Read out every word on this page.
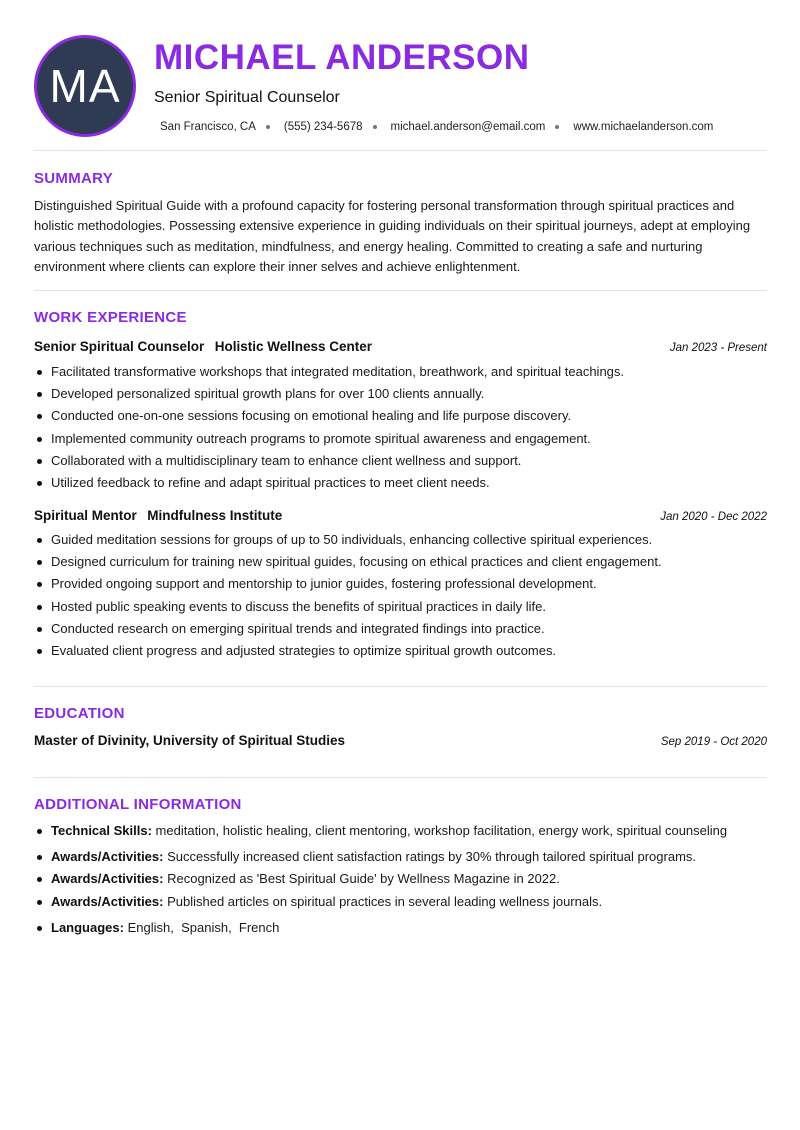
MA
MICHAEL ANDERSON
Senior Spiritual Counselor
San Francisco, CA (555) 234-5678 michael.anderson@email.com www.michaelanderson.com
SUMMARY

Distinguished Spiritual Guide with a profound capacity for fostering personal transformation through spiritual practices and holistic methodologies. Possessing extensive experience in guiding individuals on their spiritual journeys, adept at employing various techniques such as meditation, mindfulness, and energy healing. Committed to creating a safe and nurturing environment where clients can explore their inner selves and achieve enlightenment.

WORK EXPERIENCE
Senior Spiritual Counselor Holistic Wellness Center	Jan 2023 - Present
Facilitated transformative workshops that integrated meditation, breathwork, and spiritual teachings.
Developed personalized spiritual growth plans for over 100 clients annually.
Conducted one-on-one sessions focusing on emotional healing and life purpose discovery.
Implemented community outreach programs to promote spiritual awareness and engagement.
Collaborated with a multidisciplinary team to enhance client wellness and support.
Utilized feedback to refine and adapt spiritual practices to meet client needs.
Spiritual Mentor Mindfulness Institute	Jan 2020 - Dec 2022
Guided meditation sessions for groups of up to 50 individuals, enhancing collective spiritual experiences.
Designed curriculum for training new spiritual guides, focusing on ethical practices and client engagement.
Provided ongoing support and mentorship to junior guides, fostering professional development.
Hosted public speaking events to discuss the benefits of spiritual practices in daily life.
Conducted research on emerging spiritual trends and integrated findings into practice.
Evaluated client progress and adjusted strategies to optimize spiritual growth outcomes.
EDUCATION
Master of Divinity, University of Spiritual Studies	Sep 2019 - Oct 2020
ADDITIONAL INFORMATION
Technical Skills: meditation, holistic healing, client mentoring, workshop facilitation, energy work, spiritual counseling
Awards/Activities: Successfully increased client satisfaction ratings by 30% through tailored spiritual programs.
Awards/Activities: Recognized as 'Best Spiritual Guide' by Wellness Magazine in 2022.
Awards/Activities: Published articles on spiritual practices in several leading wellness journals.
Languages: English , Spanish , French
